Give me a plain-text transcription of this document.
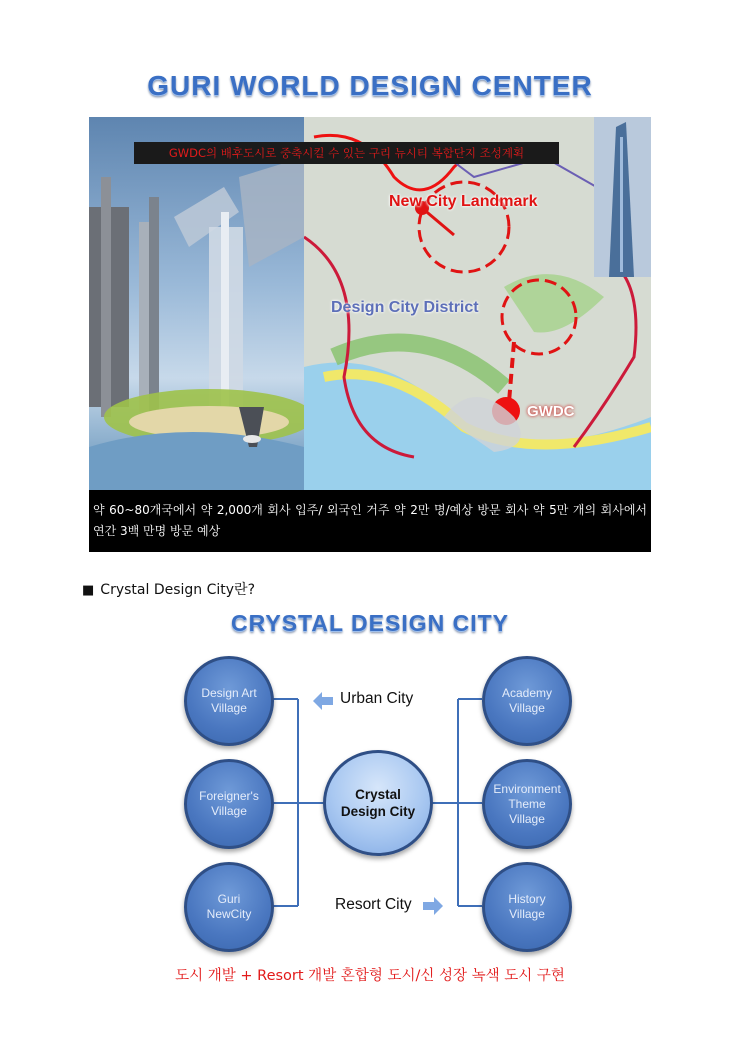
GURI WORLD DESIGN CENTER
GWDC의 배후도시로 중축시킬 수 있는 구리 뉴시티 복합단지 조성계획
New City Landmark
Design City District
GWDC
약 60~80개국에서 약 2,000개 회사 입주/ 외국인 거주 약 2만 명/예상 방문 회사 약 5만 개의 회사에서 연간 3백 만명 방문 예상
■ Crystal Design City란?
CRYSTAL DESIGN CITY
Design Art Village
Foreigner's Village
Guri NewCity
Crystal Design City
Academy Village
Environment Theme Village
History Village
Urban City
Resort City
도시 개발 + Resort 개발 혼합형 도시/신 성장 녹색 도시 구현
